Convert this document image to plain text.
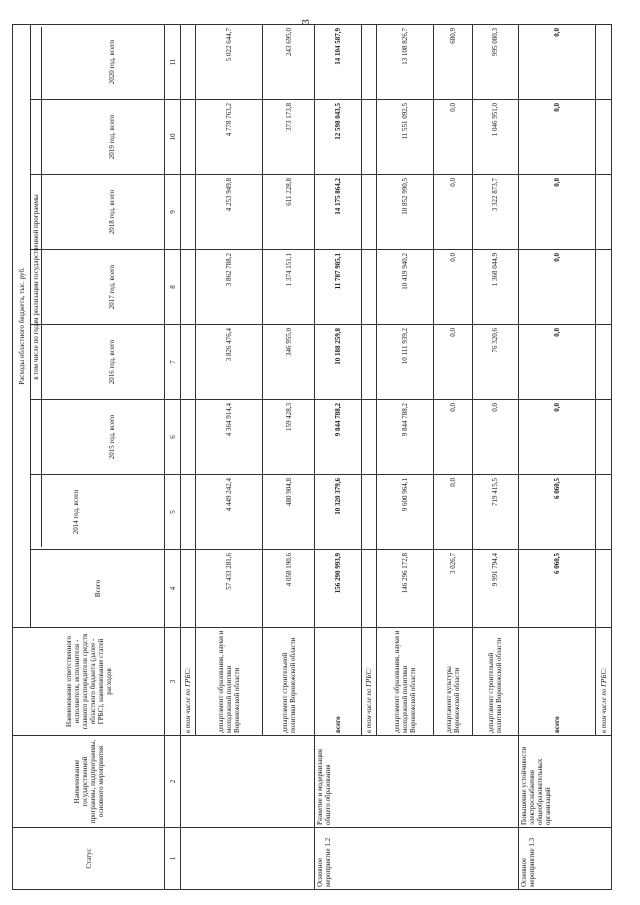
3
Статус	Наименование государственной программы, подпрограммы, основного мероприятия	Наименование ответственного исполнителя, исполнителя - главного распорядителя средств областного бюджета (далее - ГРБС), наименование статей расходов	Расходы областного бюджета, тыс. руб.							
			Всего	в том числе по годам реализации государственной программы
2014 год, всего	2015 год, всего	2016 год, всего	2017 год, всего	2018 год, всего	2019 год, всего	2020 год, всего
1	2	3	4	5	6	7	8	9	10	11
		в том числе по ГРБС:								
		департамент образования, науки и молодежной политики Воронежской области	57 433 281,6	4 449 242,4	4 364 914,4	3 826 476,4	3 862 788,2	4 253 949,8	4 778 763,2	5 022 644,7
		департамент строительной политики Воронежской области	4 058 190,6	480 904,8	159 428,3	346 955,0	1 374 151,1	611 228,8	373 173,8	243 695,0
Основное мероприятие 1.2	Развитие и модернизация общего образования	всего	156 290 993,9	10 320 379,6	9 844 788,2	10 188 259,8	11 787 985,1	14 175 864,2	12 598 043,5	14 104 587,9
		в том числе по ГРБС:								
		департамент образования, науки и молодежной политики Воронежской области	146 296 172,8	9 600 964,1	9 844 788,2	10 111 939,2	10 419 940,2	10 852 990,5	11 551 092,5	13 108 826,7
		департамент культуры Воронежской области	3 026,7	0,0	0,0	0,0	0,0	0,0	0,0	680,9
		департамент строительной политики Воронежской области	9 991 794,4	719 415,5	0,0	76 320,6	1 368 044,9	3 322 873,7	1 046 951,0	995 080,3
Основное мероприятие 1.3	Повышение устойчивости электроснабжения общеобразовательных организаций	всего	6 060,5	6 060,5	0,0	0,0	0,0	0,0	0,0	0,0
		в том числе по ГРБС:								
